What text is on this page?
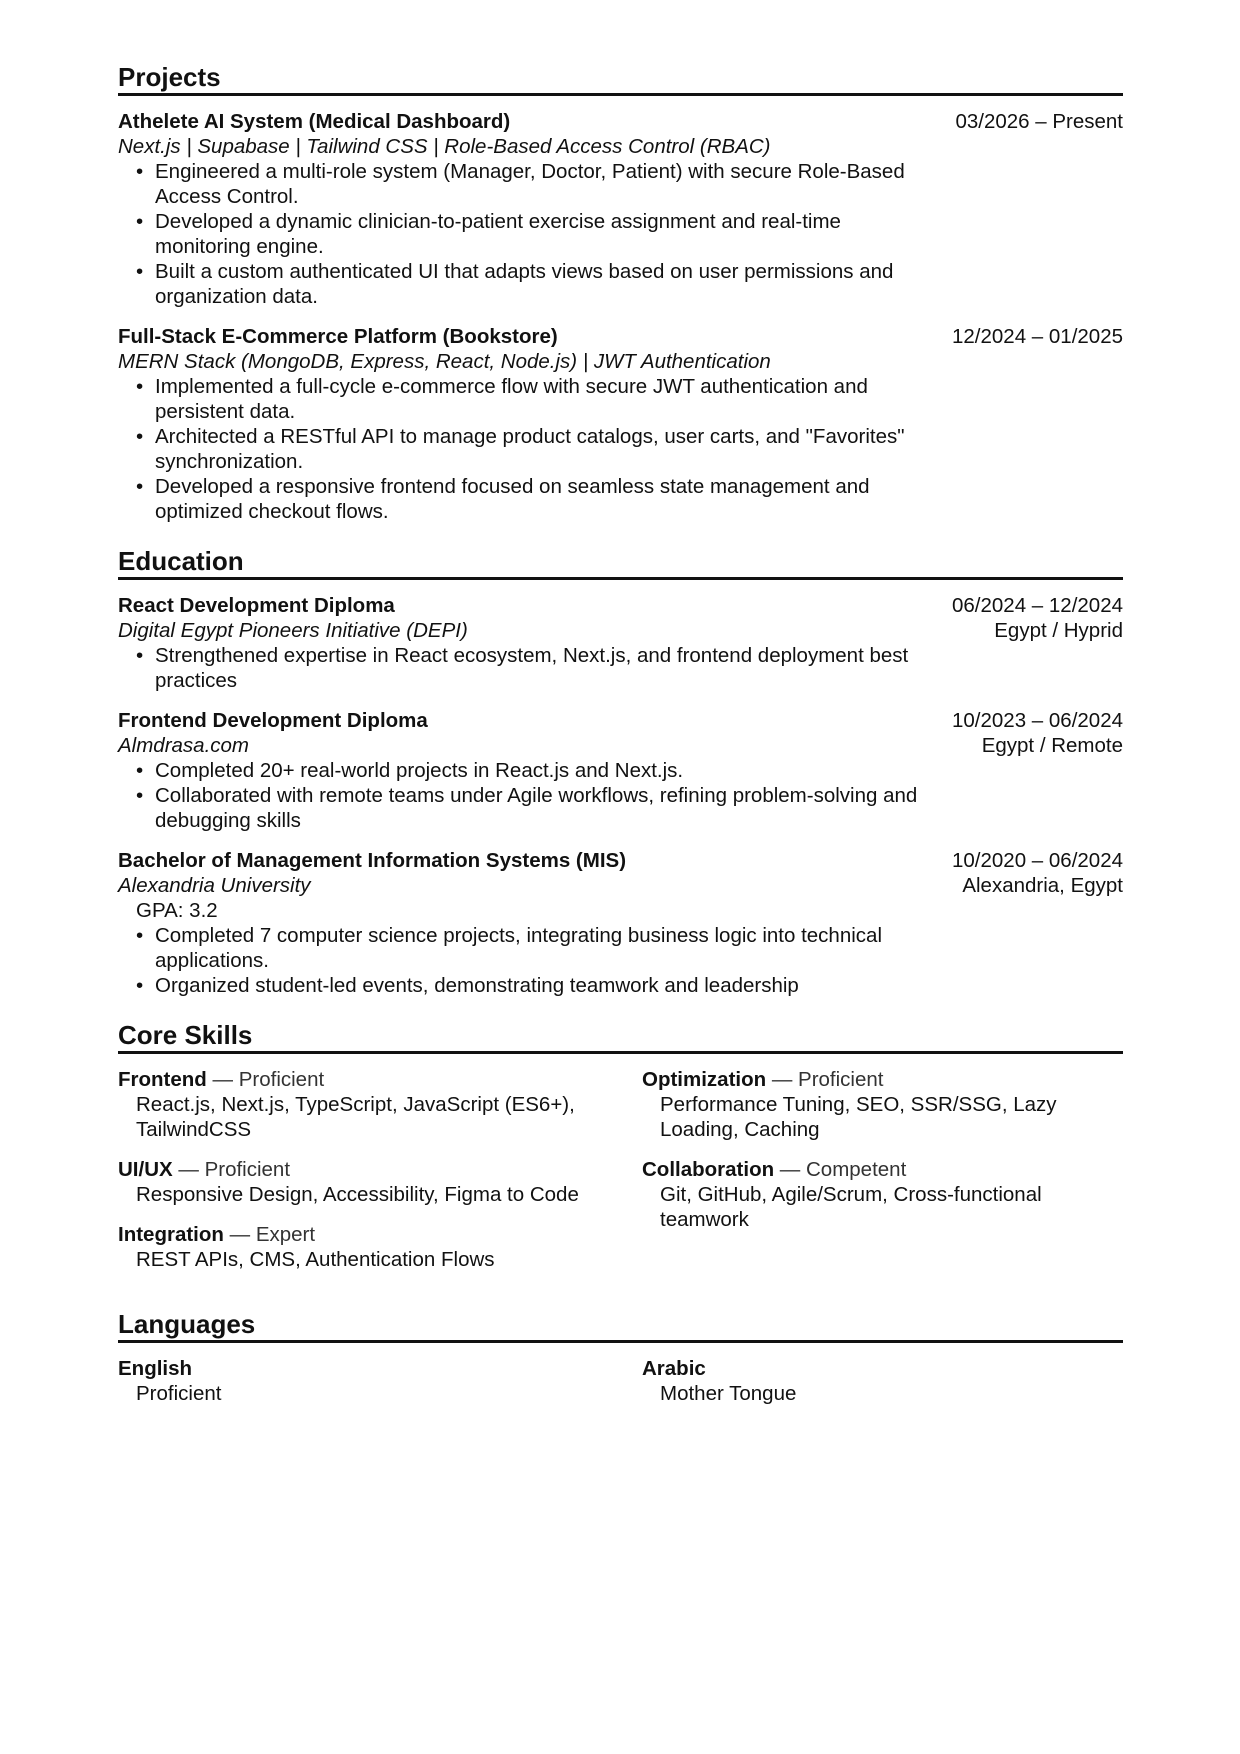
Projects
Athelete AI System (Medical Dashboard)	03/2026 – Present
Next.js | Supabase | Tailwind CSS | Role-Based Access Control (RBAC)
• Engineered a multi-role system (Manager, Doctor, Patient) with secure Role-Based Access Control.
• Developed a dynamic clinician-to-patient exercise assignment and real-time monitoring engine.
• Built a custom authenticated UI that adapts views based on user permissions and organization data.
Full-Stack E-Commerce Platform (Bookstore)	12/2024 – 01/2025
MERN Stack (MongoDB, Express, React, Node.js) | JWT Authentication
• Implemented a full-cycle e-commerce flow with secure JWT authentication and persistent data.
• Architected a RESTful API to manage product catalogs, user carts, and "Favorites" synchronization.
• Developed a responsive frontend focused on seamless state management and optimized checkout flows.
Education
React Development Diploma	06/2024 – 12/2024
Digital Egypt Pioneers Initiative (DEPI)	Egypt / Hyprid
• Strengthened expertise in React ecosystem, Next.js, and frontend deployment best practices
Frontend Development Diploma	10/2023 – 06/2024
Almdrasa.com	Egypt / Remote
• Completed 20+ real-world projects in React.js and Next.js.
• Collaborated with remote teams under Agile workflows, refining problem-solving and debugging skills
Bachelor of Management Information Systems (MIS)	10/2020 – 06/2024
Alexandria University	Alexandria, Egypt
GPA: 3.2
• Completed 7 computer science projects, integrating business logic into technical applications.
• Organized student-led events, demonstrating teamwork and leadership
Core Skills
Frontend — Proficient
React.js, Next.js, TypeScript, JavaScript (ES6+), TailwindCSS
UI/UX — Proficient
Responsive Design, Accessibility, Figma to Code
Integration — Expert
REST APIs, CMS, Authentication Flows
Optimization — Proficient
Performance Tuning, SEO, SSR/SSG, Lazy Loading, Caching
Collaboration — Competent
Git, GitHub, Agile/Scrum, Cross-functional teamwork
Languages
English
Proficient
Arabic
Mother Tongue
